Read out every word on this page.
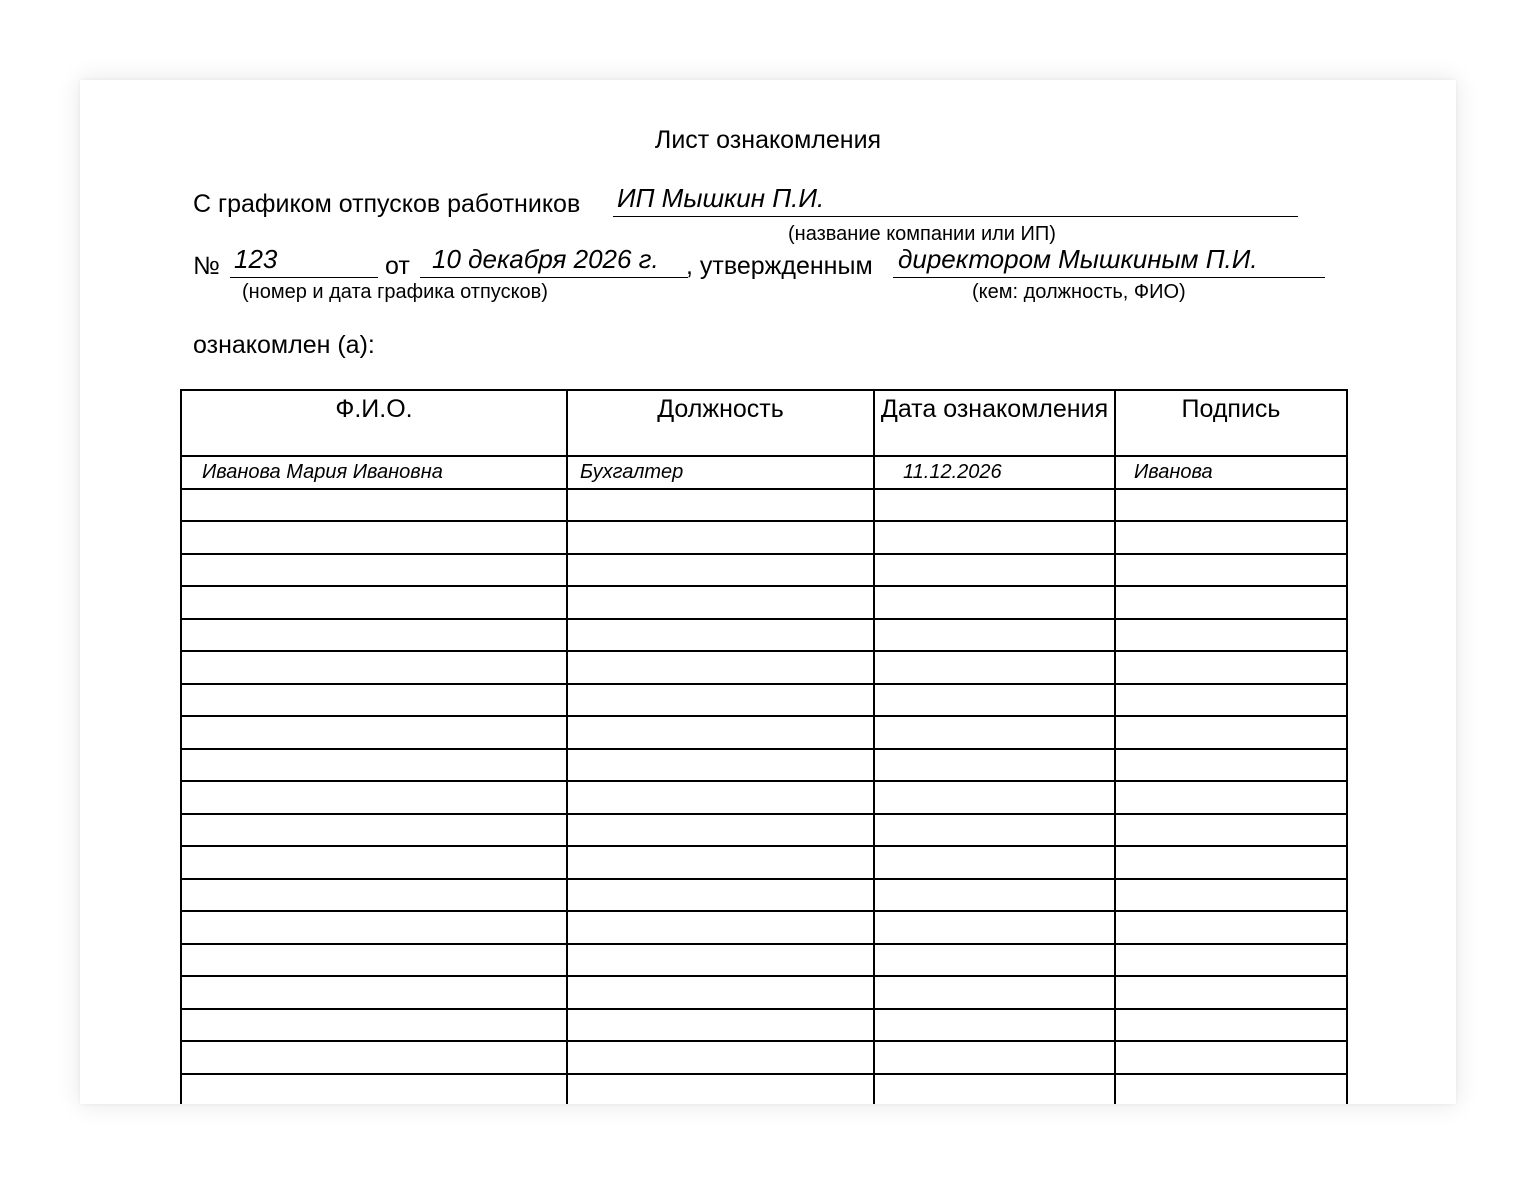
Лист ознакомления
С графиком отпусков работников ИП Мышкин П.И.
(название компании или ИП)
№ 123	от 10 декабря 2026 г. , утвержденным директором Мышкиным П.И.
(номер и дата графика отпусков)	(кем: должность, ФИО)
ознакомлен (а):
Ф.И.О.	Должность	Дата ознакомления	Подпись
Иванова Мария Ивановна	Бухгалтер	11.12.2026	Иванова
